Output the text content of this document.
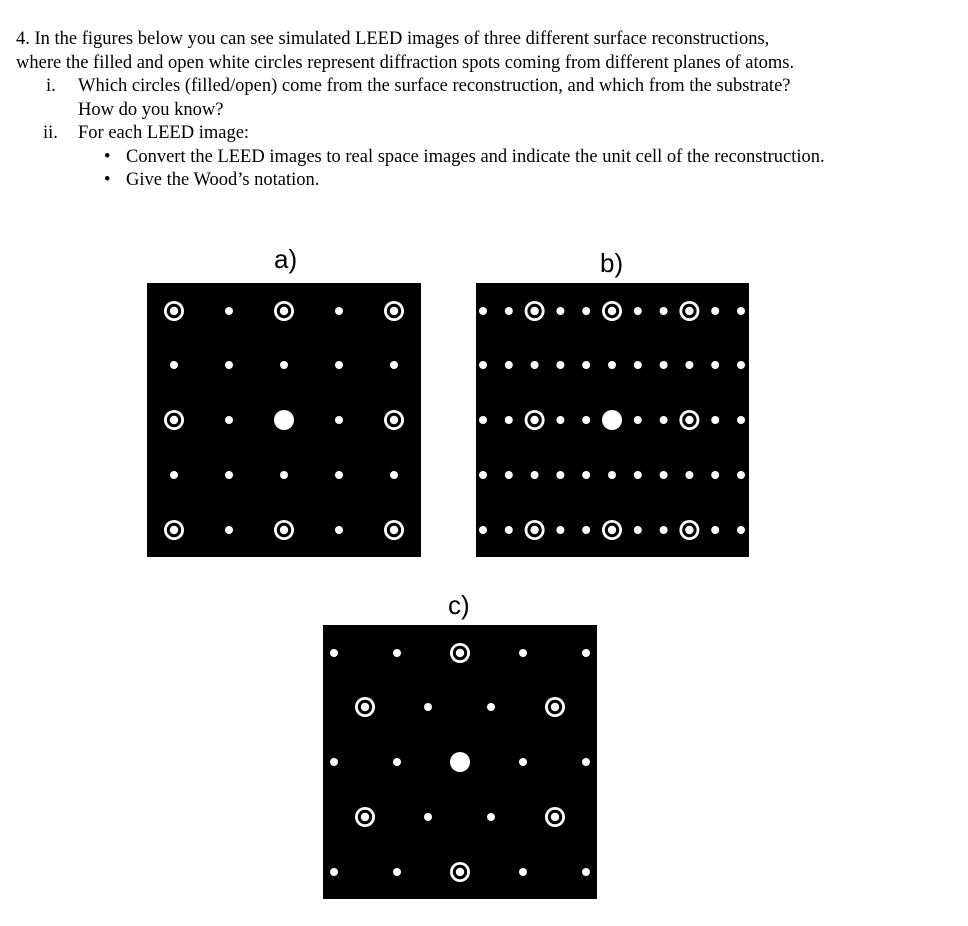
4. In the figures below you can see simulated LEED images of three different surface reconstructions,

where the filled and open white circles represent diffraction spots coming from different planes of atoms.

i. Which circles (filled/open) come from the surface reconstruction, and which from the substrate?

How do you know?

ii. For each LEED image:

• Convert the LEED images to real space images and indicate the unit cell of the reconstruction.

• Give the Wood’s notation.

a)	b)
c)
